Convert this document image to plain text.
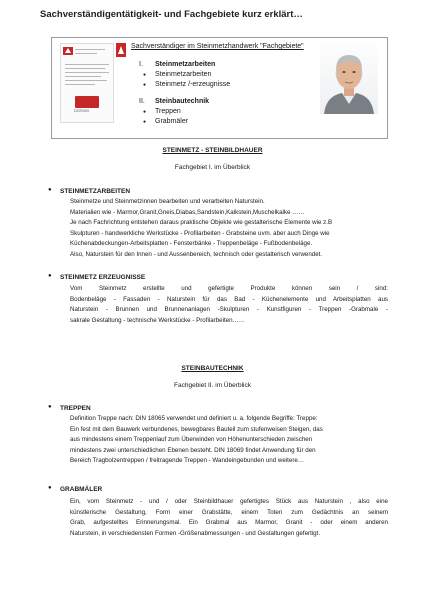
Sachverständigentätigkeit- und Fachgebiete kurz erklärt…
DGSVM
Sachverständiger im Steinmetzhandwerk "Fachgebiete"
I. Steinmetzarbeiten
Steinmetzarbeiten
Steinmetz /-erzeugnisse
II. Steinbautechnik
Treppen
Grabmäler
STEINMETZ - STEINBILDHAUER
Fachgebiet I. im Überblick
● STEINMETZARBEITEN

Steinmetze und Steinmetzinnen bearbeiten und verarbeiten Naturstein.

Materialien wie - Marmor,Granit,Gneis,Diabas,Sandstein,Kalkstein,Muschelkalke ……

Je nach Fachrichtung entstehen daraus praktische Objekte wie gestalterische Elemente wie z.B

Skulpturen - handwerkliche Werkstücke - Profilarbeiten - Grabsteine uvm. aber auch Dinge wie

Küchenabdeckungen-Arbeitsplatten - Fensterbänke - Treppenbeläge - Fußbodenbeläge.

Also, Naturstein für den Innen - und Aussenbereich, technisch oder gestalterisch verwendet.

● STEINMETZ ERZEUGNISSE

Vom Steinmetz erstellte und gefertigte Produkte können sein / sind:

Bodenbeläge - Fassaden - Naturstein für das Bad - Küchenelemente und Arbeitsplatten aus

Naturstein - Brunnen und Brunnenanlagen -Skulpturen - Kunstfiguren - Treppen -Grabmale -

sakrale Gestaltung - technische Werkstücke - Profilarbeiten……

STEINBAUTECHNIK
Fachgebiet II. im Überblick
● TREPPEN

Definition Treppe nach: DIN 18065 verwendet und definiert u. a. folgende Begriffe: Treppe:

Ein fest mit dem Bauwerk verbundenes, bewegbares Bauteil zum stufenweisen Steigen, das

aus mindestens einem Treppenlauf zum Überwinden von Höhenunterschieden zwischen

mindestens zwei unterschiedlichen Ebenen besteht. DIN 18069 findet Anwendung für den

Bereich Tragbolzentreppen / freitragende Treppen - Wandeingebunden und weitere…

● GRABMÄLER

Ein, vom Steinmetz - und / oder Steinbildhauer gefertigtes Stück aus Naturstein , also eine

künstlerische Gestaltung, Form einer Grabstätte, einem Toten zum Gedächtnis an seinem

Grab, aufgestelltes Erinnerungsmal. Ein Grabmal aus Marmor, Granit - oder einem anderen

Naturstein, in verschiedensten Formen -Größenabmessungen - und Gestaltungen gefertigt.
